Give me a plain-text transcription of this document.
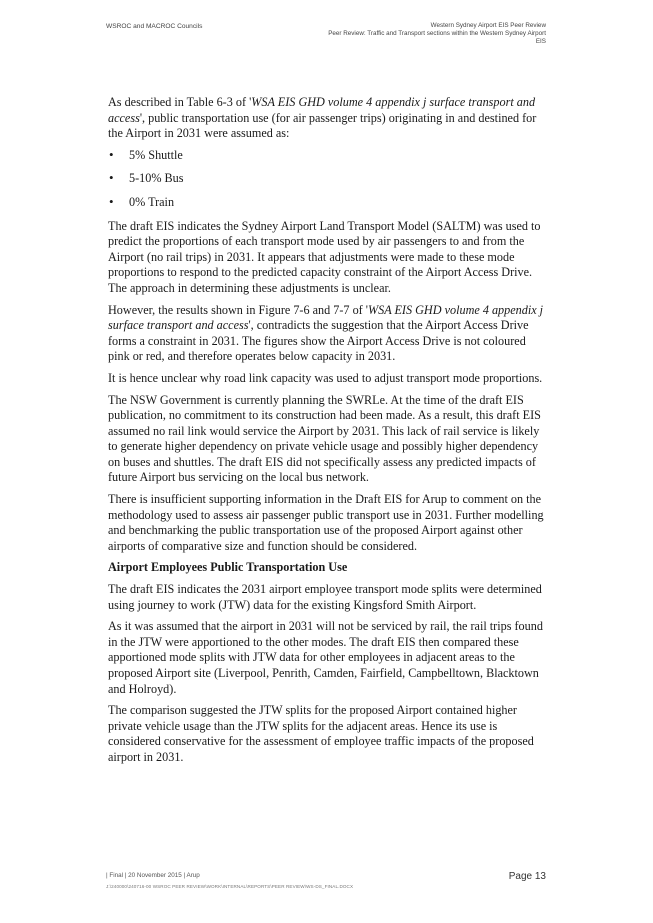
WSROC and MACROC Councils	Western Sydney Airport EIS Peer Review
Peer Review: Traffic and Transport sections within the Western Sydney Airport
EIS

As described in Table 6-3 of 'WSA EIS GHD volume 4 appendix j surface transport and access', public transportation use (for air passenger trips) originating in and destined for the Airport in 2031 were assumed as:

• 5% Shuttle
• 5-10% Bus
• 0% Train

The draft EIS indicates the Sydney Airport Land Transport Model (SALTM) was used to predict the proportions of each transport mode used by air passengers to and from the Airport (no rail trips) in 2031. It appears that adjustments were made to these mode proportions to respond to the predicted capacity constraint of the Airport Access Drive. The approach in determining these adjustments is unclear.

However, the results shown in Figure 7-6 and 7-7 of 'WSA EIS GHD volume 4 appendix j surface transport and access', contradicts the suggestion that the Airport Access Drive forms a constraint in 2031. The figures show the Airport Access Drive is not coloured pink or red, and therefore operates below capacity in 2031.

It is hence unclear why road link capacity was used to adjust transport mode proportions.

The NSW Government is currently planning the SWRLe. At the time of the draft EIS publication, no commitment to its construction had been made. As a result, this draft EIS assumed no rail link would service the Airport by 2031. This lack of rail service is likely to generate higher dependency on private vehicle usage and possibly higher dependency on buses and shuttles. The draft EIS did not specifically assess any predicted impacts of future Airport bus servicing on the local bus network.

There is insufficient supporting information in the Draft EIS for Arup to comment on the methodology used to assess air passenger public transport use in 2031. Further modelling and benchmarking the public transportation use of the proposed Airport against other airports of comparative size and function should be considered.

Airport Employees Public Transportation Use

The draft EIS indicates the 2031 airport employee transport mode splits were determined using journey to work (JTW) data for the existing Kingsford Smith Airport.

As it was assumed that the airport in 2031 will not be serviced by rail, the rail trips found in the JTW were apportioned to the other modes. The draft EIS then compared these apportioned mode splits with JTW data for other employees in adjacent areas to the proposed Airport site (Liverpool, Penrith, Camden, Fairfield, Campbelltown, Blacktown and Holroyd).

The comparison suggested the JTW splits for the proposed Airport contained higher private vehicle usage than the JTW splits for the adjacent areas. Hence its use is considered conservative for the assessment of employee traffic impacts of the proposed airport in 2031.

| Final | 20 November 2015 | Arup
J:\240000\240716-00 WSROC PEER REVIEW\WORK\INTERNAL\REPORTS\PEER REVIEW\WS-DS_FINAL.DOCX
Page 13
